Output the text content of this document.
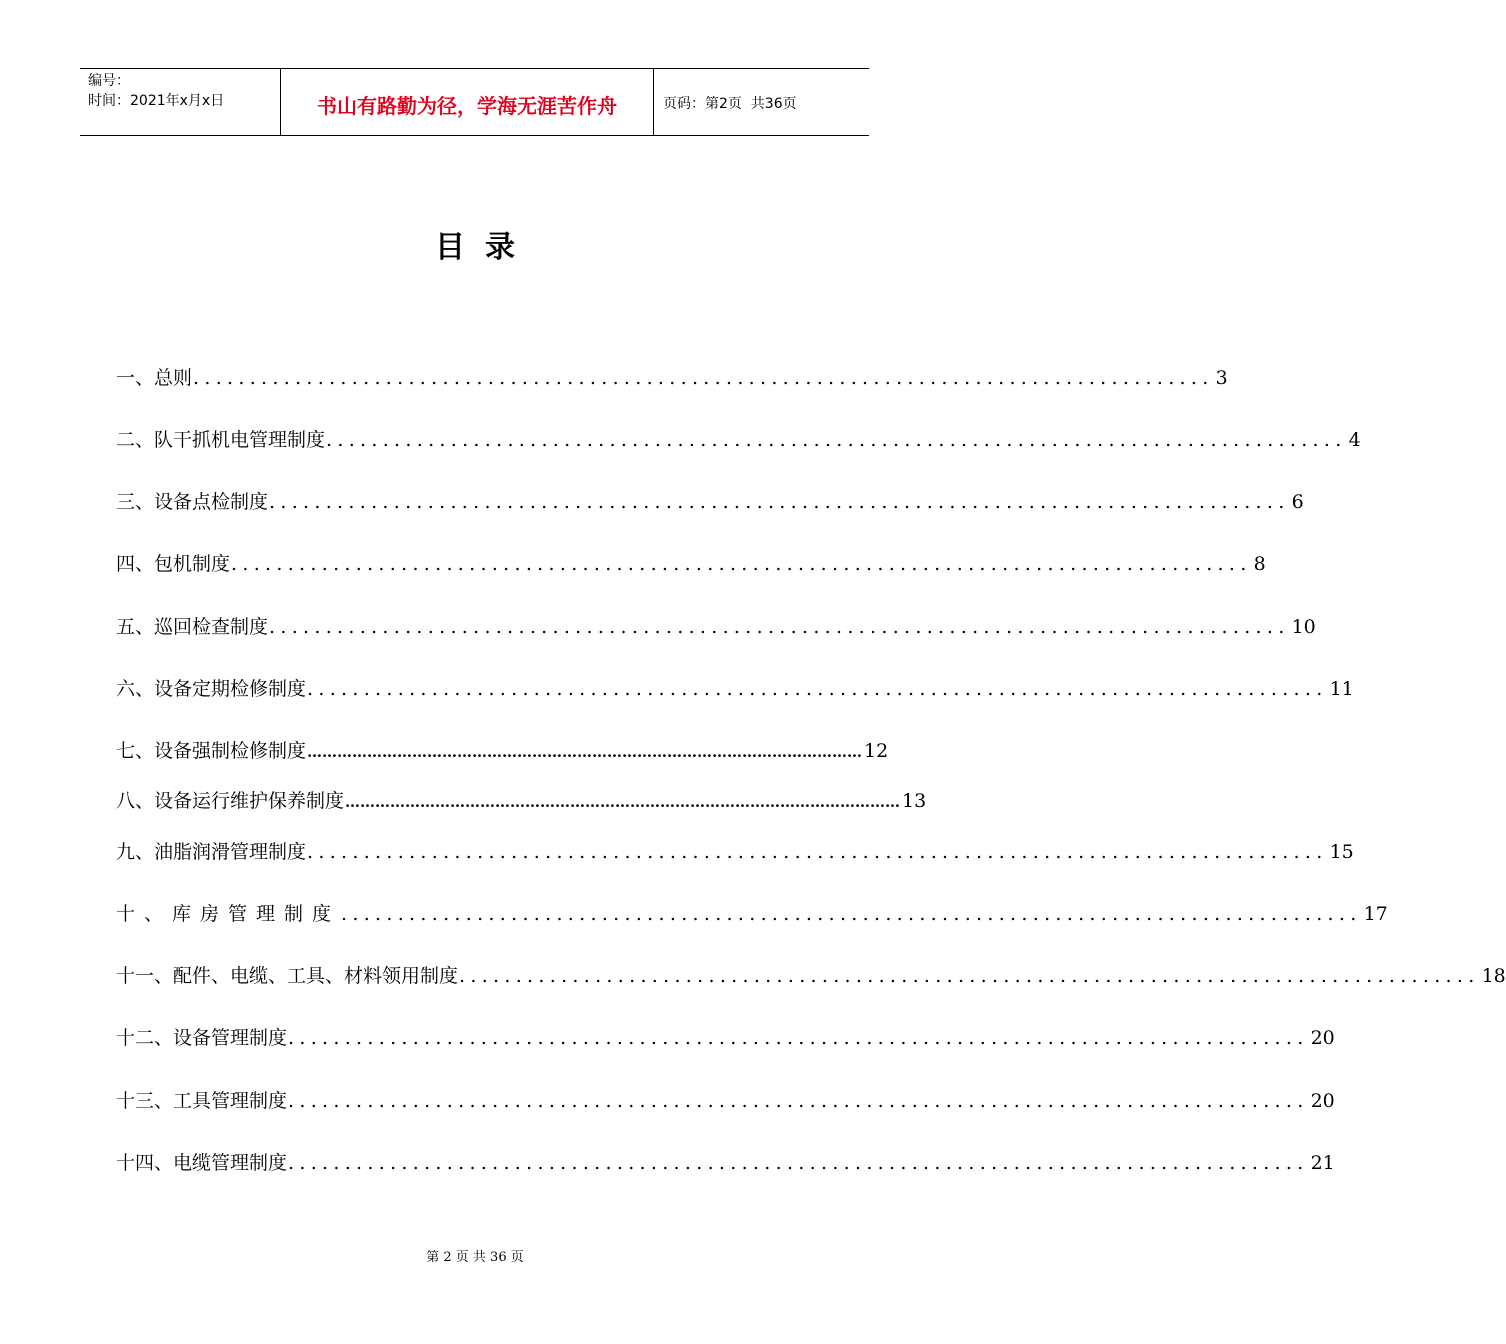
编号：
时间：2021年x月x日	书山有路勤为径，学海无涯苦作舟	页码：第2页  共36页
目录
一、总则 .......................................................................................... 3
二、队干抓机电管理制度 .......................................................................................... 4
三、设备点检制度 .......................................................................................... 6
四、包机制度 .......................................................................................... 8
五、巡回检查制度 .......................................................................................... 10
六、设备定期检修制度 .......................................................................................... 11
七、设备强制检修制度 ………………………………………………………………………………………………… 12
八、设备运行维护保养制度 ………………………………………………………………………………………………… 13
九、油脂润滑管理制度 .......................................................................................... 15
十、库房管理制度 .......................................................................................... 17
十一、配件、电缆、工具、材料领用制度 .......................................................................................... 18
十二、设备管理制度 .......................................................................................... 20
十三、工具管理制度 .......................................................................................... 20
十四、电缆管理制度 .......................................................................................... 21
第 2 页 共 36 页
